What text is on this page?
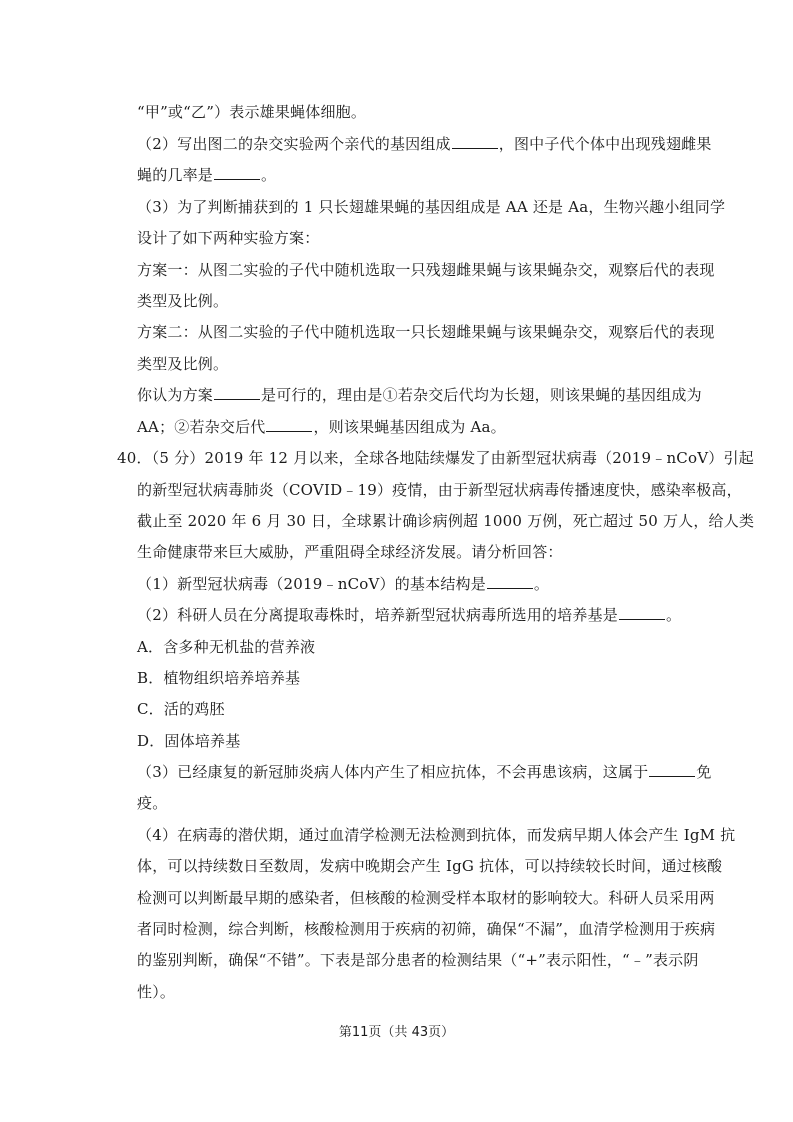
“甲”或“乙”）表示雄果蝇体细胞。
（2）写出图二的杂交实验两个亲代的基因组成	，图中子代个体中出现残翅雌果
蝇的几率是	。
（3）为了判断捕获到的 1 只长翅雄果蝇的基因组成是 AA 还是 Aa，生物兴趣小组同学
设计了如下两种实验方案：
方案一：从图二实验的子代中随机选取一只残翅雌果蝇与该果蝇杂交，观察后代的表现
类型及比例。
方案二：从图二实验的子代中随机选取一只长翅雌果蝇与该果蝇杂交，观察后代的表现
类型及比例。
你认为方案	是可行的，理由是①若杂交后代均为长翅，则该果蝇的基因组成为
AA；②若杂交后代	，则该果蝇基因组成为 Aa。
40．（5 分）2019 年 12 月以来，全球各地陆续爆发了由新型冠状病毒（2019﹣nCoV）引起
的新型冠状病毒肺炎（COVID﹣19）疫情，由于新型冠状病毒传播速度快，感染率极高，
截止至 2020 年 6 月 30 日，全球累计确诊病例超 1000 万例，死亡超过 50 万人，给人类
生命健康带来巨大威胁，严重阻碍全球经济发展。请分析回答：
（1）新型冠状病毒（2019﹣nCoV）的基本结构是	。
（2）科研人员在分离提取毒株时，培养新型冠状病毒所选用的培养基是	。
A．含多种无机盐的营养液
B．植物组织培养培养基
C．活的鸡胚
D．固体培养基
（3）已经康复的新冠肺炎病人体内产生了相应抗体，不会再患该病，这属于	免
疫。
（4）在病毒的潜伏期，通过血清学检测无法检测到抗体，而发病早期人体会产生 IgM 抗
体，可以持续数日至数周，发病中晚期会产生 IgG 抗体，可以持续较长时间，通过核酸
检测可以判断最早期的感染者，但核酸的检测受样本取材的影响较大。科研人员采用两
者同时检测，综合判断，核酸检测用于疾病的初筛，确保“不漏”，血清学检测用于疾病
的鉴别判断，确保“不错”。下表是部分患者的检测结果（“+”表示阳性，“﹣”表示阴
性）。
第11页（共 43页）
